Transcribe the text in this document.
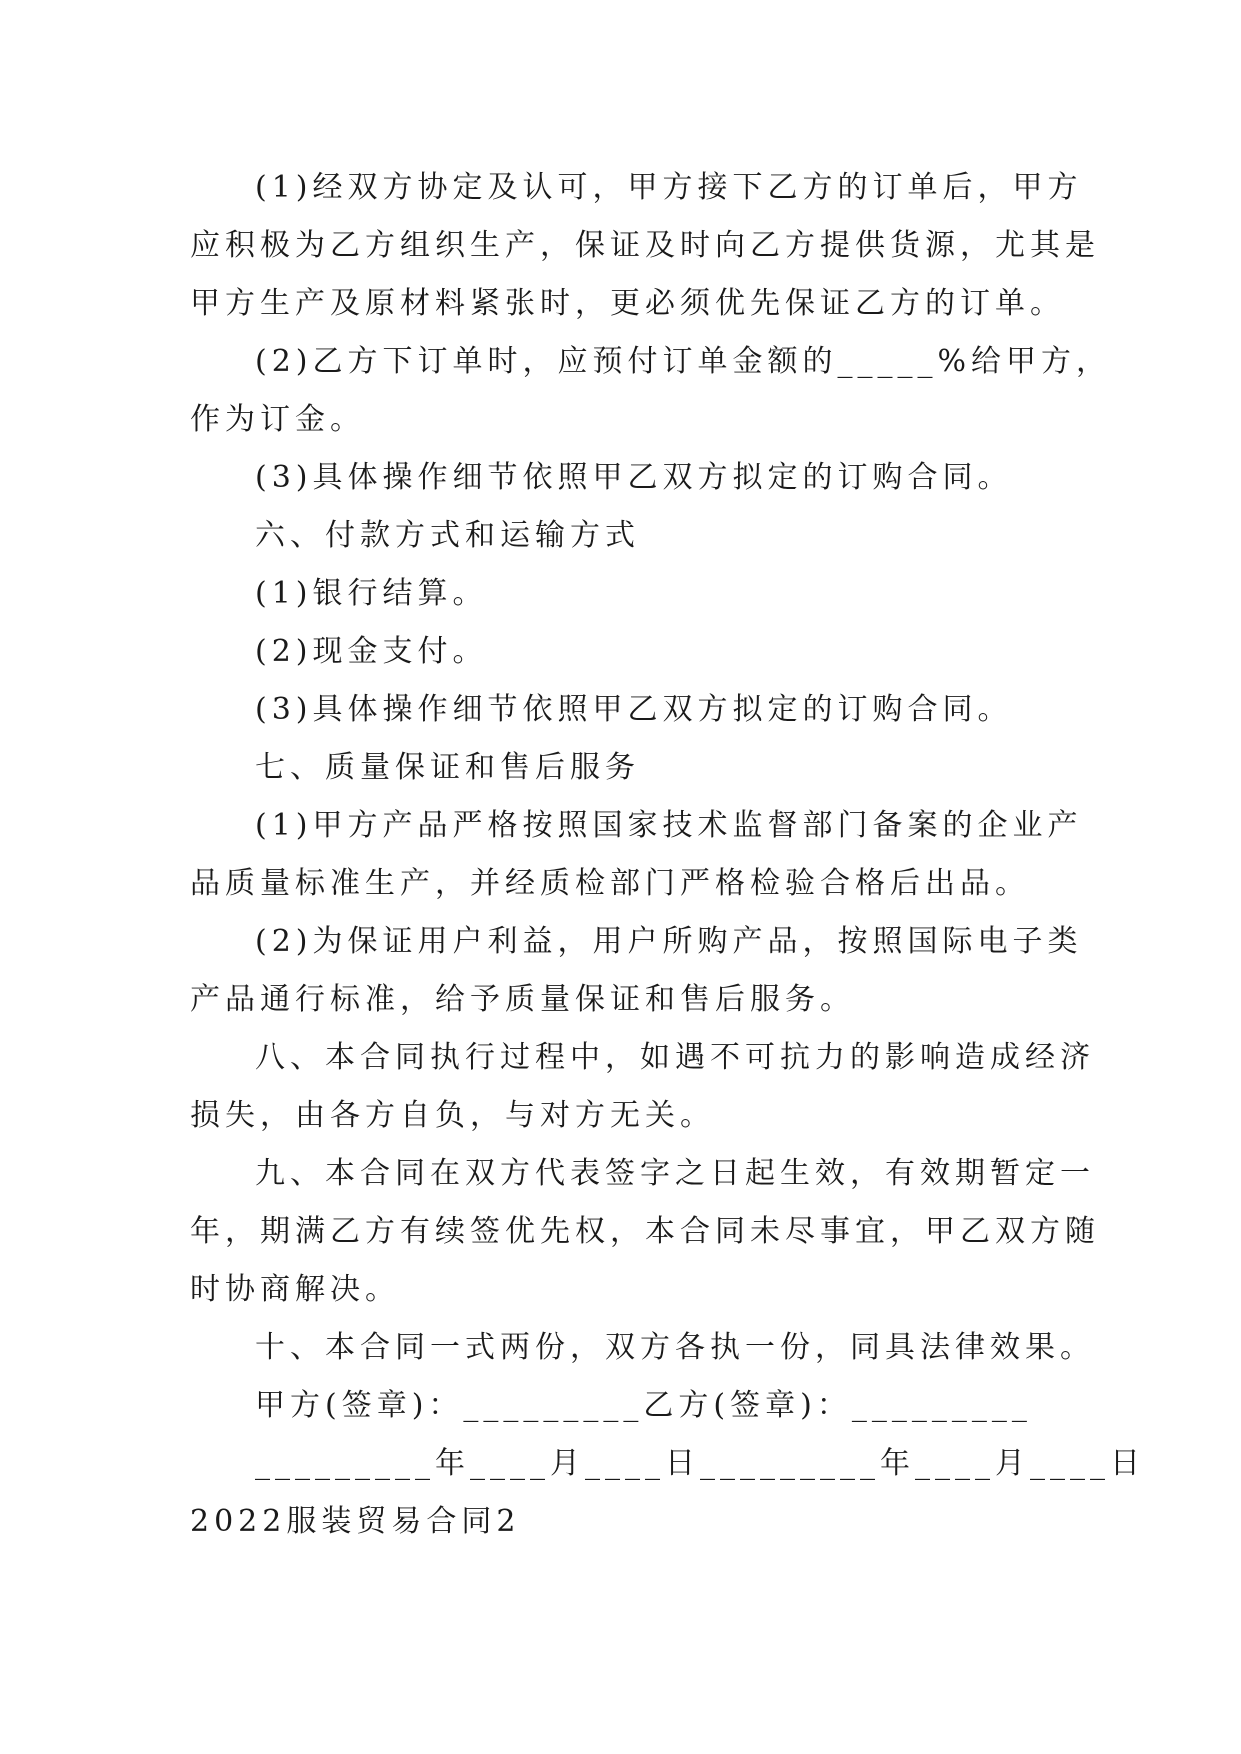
(1)经双方协定及认可，甲方接下乙方的订单后，甲方
应积极为乙方组织生产，保证及时向乙方提供货源，尤其是
甲方生产及原材料紧张时，更必须优先保证乙方的订单。
(2)乙方下订单时，应预付订单金额的_____%给甲方，
作为订金。
(3)具体操作细节依照甲乙双方拟定的订购合同。
六、付款方式和运输方式
(1)银行结算。
(2)现金支付。
(3)具体操作细节依照甲乙双方拟定的订购合同。
七、质量保证和售后服务
(1)甲方产品严格按照国家技术监督部门备案的企业产
品质量标准生产，并经质检部门严格检验合格后出品。
(2)为保证用户利益，用户所购产品，按照国际电子类
产品通行标准，给予质量保证和售后服务。
八、本合同执行过程中，如遇不可抗力的影响造成经济
损失，由各方自负，与对方无关。
九、本合同在双方代表签字之日起生效，有效期暂定一
年，期满乙方有续签优先权，本合同未尽事宜，甲乙双方随
时协商解决。
十、本合同一式两份，双方各执一份，同具法律效果。
甲方(签章)：_________乙方(签章)：_________
_________年____月____日_________年____月____日
2022服装贸易合同2
